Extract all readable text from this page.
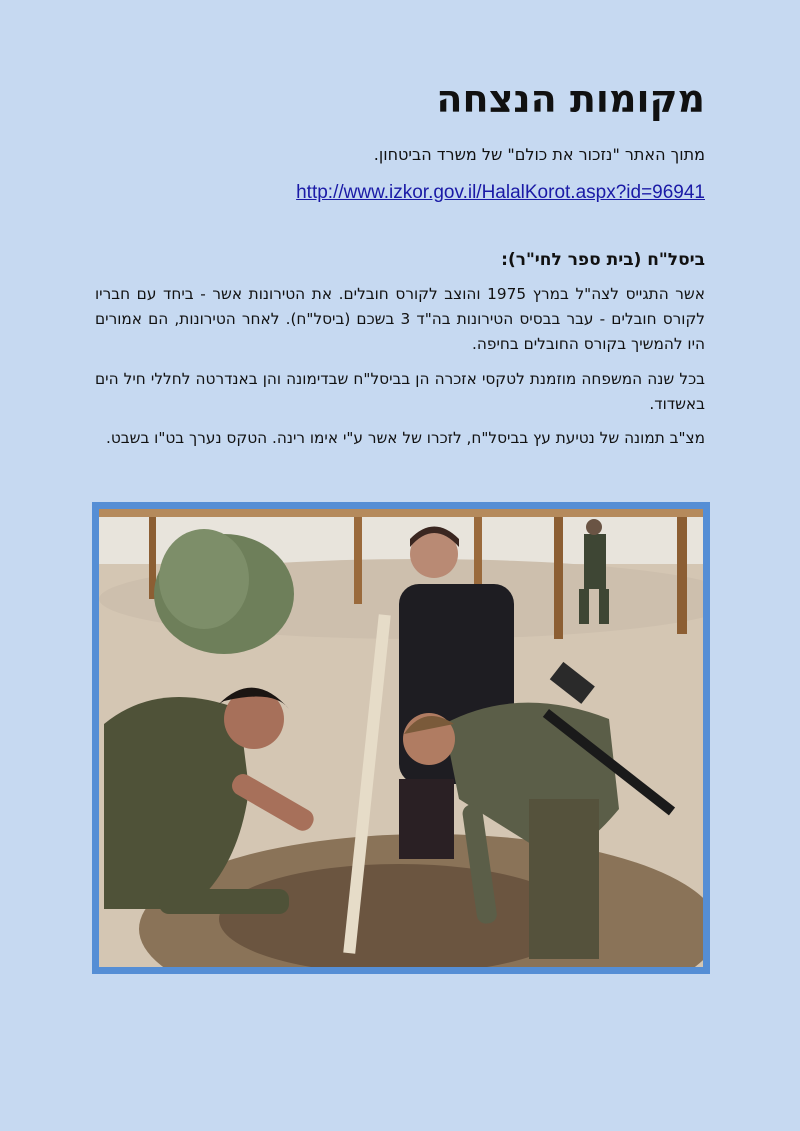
מקומות הנצחה

מתוך האתר "נזכור את כולם" של משרד הביטחון.

http://www.izkor.gov.il/HalalKorot.aspx?id=96941
ביסל"ח (בית ספר לחי"ר):

אשר התגייס לצה"ל במרץ 1975 והוצב לקורס חובלים. את הטירונות אשר - ביחד עם חבריו לקורס חובלים - עבר בבסיס הטירונות בה"ד 3 בשכם (ביסל"ח). לאחר הטירונות, הם אמורים היו להמשיך בקורס החובלים בחיפה.

בכל שנה המשפחה מוזמנת לטקסי אזכרה הן בביסל"ח שבדימונה והן באנדרטה לחללי חיל הים באשדוד.

מצ"ב תמונה של נטיעת עץ בביסל"ח, לזכרו של אשר ע"י אימו רינה. הטקס נערך בט"ו בשבט.
